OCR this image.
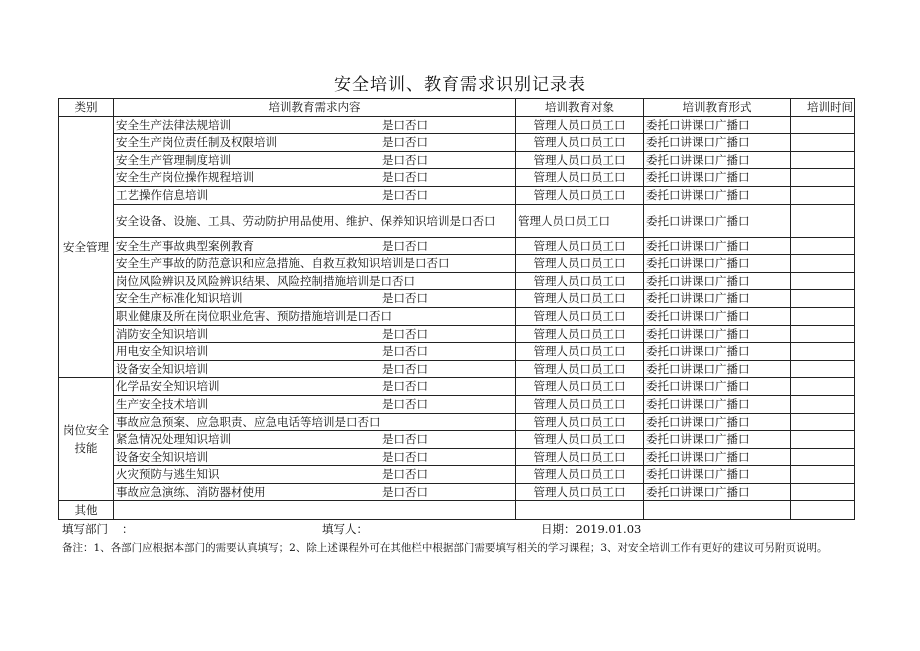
安全培训、教育需求识别记录表
类别	培训教育需求内容	培训教育对象	培训教育形式	培训时间
安全管理	安全生产法律法规培训 是口否口	管理人员口员工口	委托口讲课口广播口	
	安全生产岗位责任制及权限培训 是口否口	管理人员口员工口	委托口讲课口广播口	
	安全生产管理制度培训 是口否口	管理人员口员工口	委托口讲课口广播口	
	安全生产岗位操作规程培训 是口否口	管理人员口员工口	委托口讲课口广播口	
	工艺操作信息培训 是口否口	管理人员口员工口	委托口讲课口广播口	
	安全设备、设施、工具、劳动防护用品使用、维护、保养知识培训是口否口	管理人员口员工口	委托口讲课口广播口	
	安全生产事故典型案例教育 是口否口	管理人员口员工口	委托口讲课口广播口	
	安全生产事故的防范意识和应急措施、自救互救知识培训是口否口	管理人员口员工口	委托口讲课口广播口	
	岗位风险辨识及风险辨识结果、风险控制措施培训是口否口	管理人员口员工口	委托口讲课口广播口	
	安全生产标准化知识培训 是口否口	管理人员口员工口	委托口讲课口广播口	
	职业健康及所在岗位职业危害、预防措施培训是口否口	管理人员口员工口	委托口讲课口广播口	
	消防安全知识培训 是口否口	管理人员口员工口	委托口讲课口广播口	
	用电安全知识培训 是口否口	管理人员口员工口	委托口讲课口广播口	
	设备安全知识培训 是口否口	管理人员口员工口	委托口讲课口广播口	
岗位安全技能	化学品安全知识培训 是口否口	管理人员口员工口	委托口讲课口广播口	
	生产安全技术培训 是口否口	管理人员口员工口	委托口讲课口广播口	
	事故应急预案、应急职责、应急电话等培训是口否口	管理人员口员工口	委托口讲课口广播口	
	紧急情况处理知识培训 是口否口	管理人员口员工口	委托口讲课口广播口	
	设备安全知识培训 是口否口	管理人员口员工口	委托口讲课口广播口	
	火灾预防与逃生知识 是口否口	管理人员口员工口	委托口讲课口广播口	
	事故应急演练、消防器材使用 是口否口	管理人员口员工口	委托口讲课口广播口	
其他				
填写部门 ：	填写人：	日期：2019.01.03
备注：1、各部门应根据本部门的需要认真填写；2、除上述课程外可在其他栏中根据部门需要填写相关的学习课程；3、对安全培训工作有更好的建议可另附页说明。
